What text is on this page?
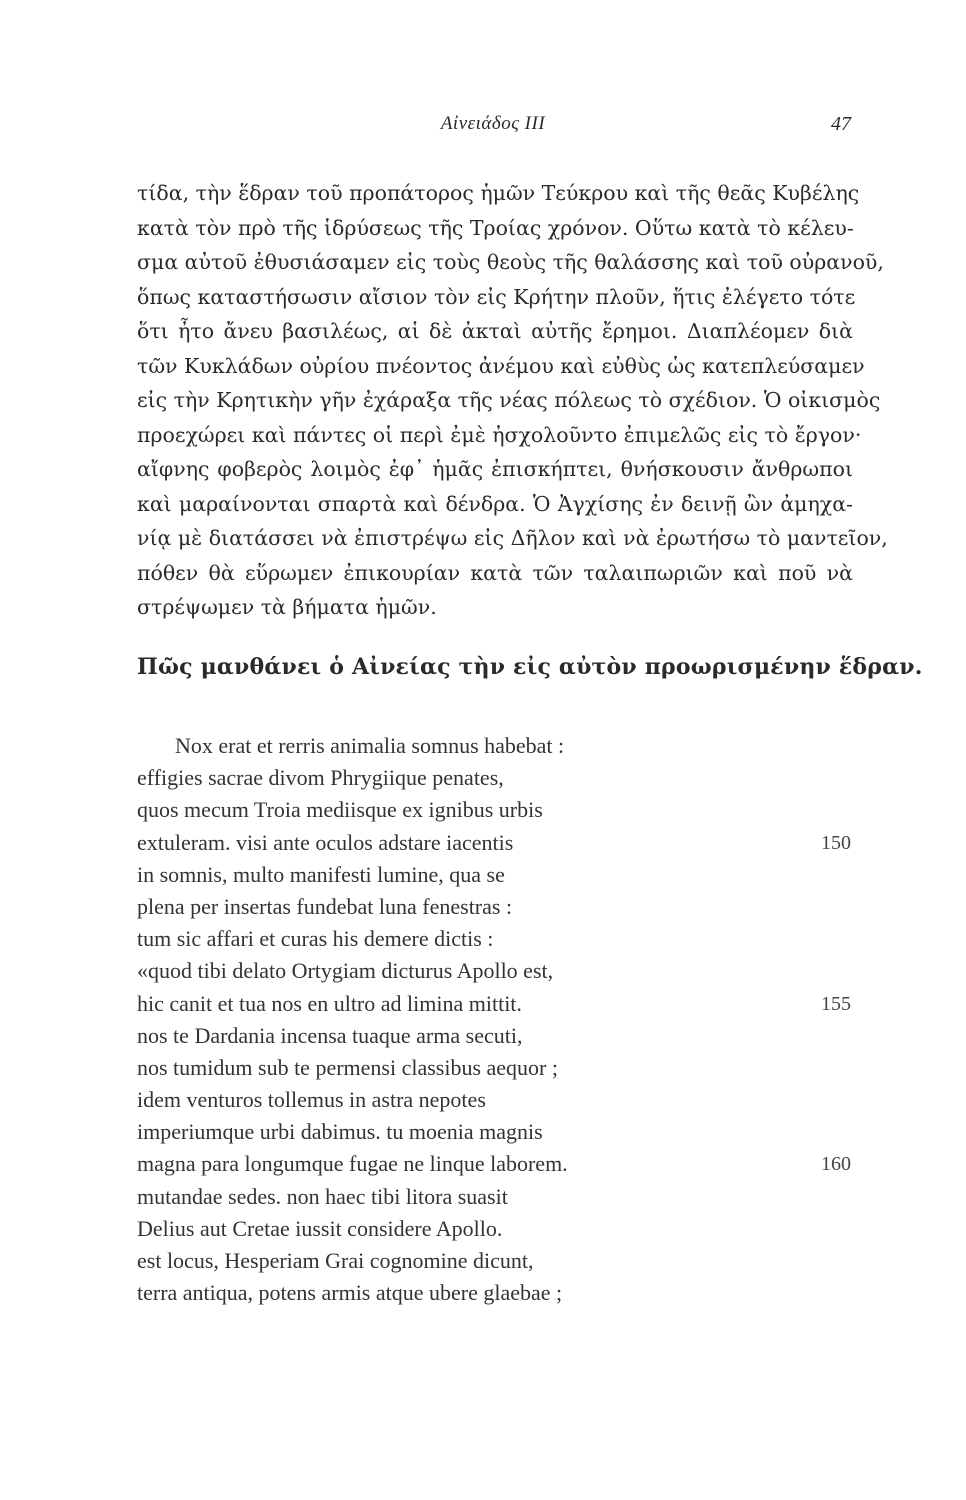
Αἰνειάδος III	47
τίδα, τὴν ἕδραν τοῦ προπάτορος ἡμῶν Τεύκρου καὶ τῆς θεᾶς Κυβέλης
κατὰ τὸν πρὸ τῆς ἱδρύσεως τῆς Τροίας χρόνον. Οὕτω κατὰ τὸ κέλευ-
σμα αὐτοῦ ἐθυσιάσαμεν εἰς τοὺς θεοὺς τῆς θαλάσσης καὶ τοῦ οὐρανοῦ,
ὅπως καταστήσωσιν αἴσιον τὸν εἰς Κρήτην πλοῦν, ἥτις ἐλέγετο τότε
ὅτι ἦτο ἄνευ βασιλέως, αἱ δὲ ἀκταὶ αὐτῆς ἔρημοι. Διαπλέομεν διὰ
τῶν Κυκλάδων οὐρίου πνέοντος ἀνέμου καὶ εὐθὺς ὡς κατεπλεύσαμεν
εἰς τὴν Κρητικὴν γῆν ἐχάραξα τῆς νέας πόλεως τὸ σχέδιον. Ὁ οἰκισμὸς
προεχώρει καὶ πάντες οἱ περὶ ἐμὲ ἠσχολοῦντο ἐπιμελῶς εἰς τὸ ἔργον·
αἴφνης φοβερὸς λοιμὸς ἐφ᾽ ἡμᾶς ἐπισκήπτει, θνήσκουσιν ἄνθρωποι
καὶ μαραίνονται σπαρτὰ καὶ δένδρα. Ὁ Ἀγχίσης ἐν δεινῇ ὢν ἀμηχα-
νίᾳ μὲ διατάσσει νὰ ἐπιστρέψω εἰς Δῆλον καὶ νὰ ἐρωτήσω τὸ μαντεῖον,
πόθεν θὰ εὕρωμεν ἐπικουρίαν κατὰ τῶν ταλαιπωριῶν καὶ ποῦ νὰ
στρέψωμεν τὰ βήματα ἡμῶν.
Πῶς μανθάνει ὁ Αἰνείας τὴν εἰς αὐτὸν προωρισμένην ἕδραν.
Nox erat et rerris animalia somnus habebat :
effigies sacrae divom Phrygiique penates,
quos mecum Troia mediisque ex ignibus urbis
extuleram. visi ante oculos adstare iacentis	150
in somnis, multo manifesti lumine, qua se
plena per insertas fundebat luna fenestras :
tum sic affari et curas his demere dictis :
«quod tibi delato Ortygiam dicturus Apollo est,
hic canit et tua nos en ultro ad limina mittit.	155
nos te Dardania incensa tuaque arma secuti,
nos tumidum sub te permensi classibus aequor ;
idem venturos tollemus in astra nepotes
imperiumque urbi dabimus. tu moenia magnis
magna para longumque fugae ne linque laborem.	160
mutandae sedes. non haec tibi litora suasit
Delius aut Cretae iussit considere Apollo.
est locus, Hesperiam Grai cognomine dicunt,
terra antiqua, potens armis atque ubere glaebae ;
